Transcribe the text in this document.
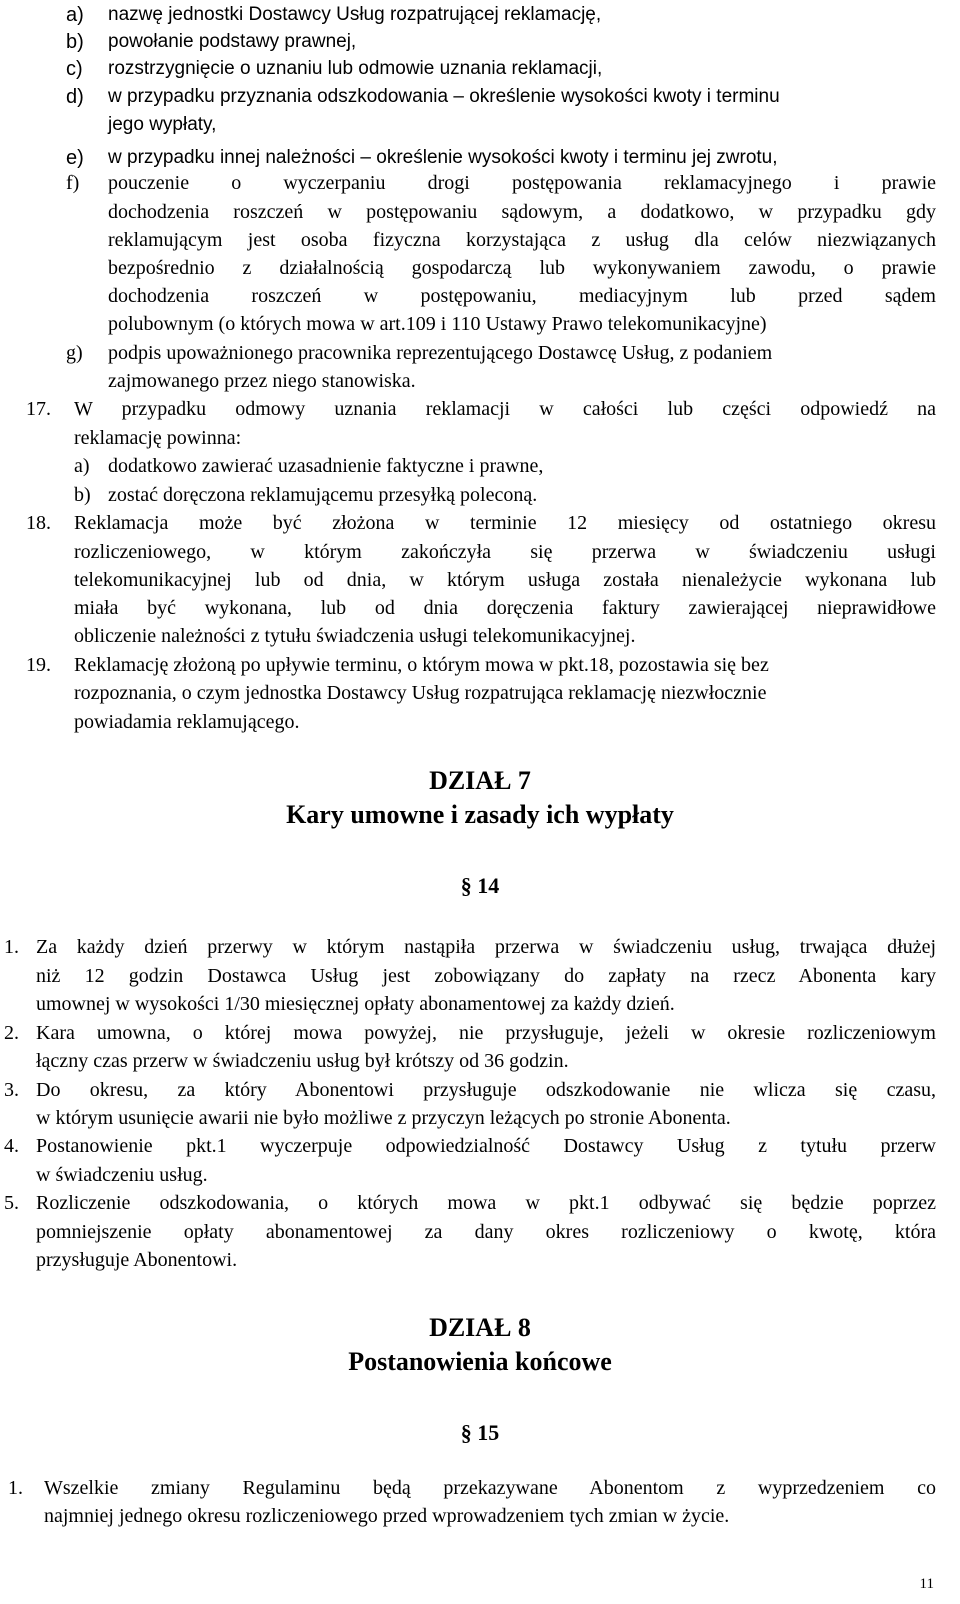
a) nazwę jednostki Dostawcy Usług rozpatrującej reklamację,
b) powołanie podstawy prawnej,
c) rozstrzygnięcie o uznaniu lub odmowie uznania reklamacji,
d) w przypadku przyznania odszkodowania – określenie wysokości kwoty i terminu
jego wypłaty,
e) w przypadku innej należności – określenie wysokości kwoty i terminu jej zwrotu,
f) pouczenie o wyczerpaniu drogi postępowania reklamacyjnego i prawie
dochodzenia roszczeń w postępowaniu sądowym, a dodatkowo, w przypadku gdy
reklamującym jest osoba fizyczna korzystająca z usług dla celów niezwiązanych
bezpośrednio z działalnością gospodarczą lub wykonywaniem zawodu, o prawie
dochodzenia roszczeń w postępowaniu, mediacyjnym lub przed sądem
polubownym (o których mowa w art.109 i 110 Ustawy Prawo telekomunikacyjne)
g) podpis upoważnionego pracownika reprezentującego Dostawcę Usług, z podaniem
zajmowanego przez niego stanowiska.
17. W przypadku odmowy uznania reklamacji w całości lub części odpowiedź na
reklamację powinna:
a) dodatkowo zawierać uzasadnienie faktyczne i prawne,
b) zostać doręczona reklamującemu przesyłką poleconą.
18. Reklamacja może być złożona w terminie 12 miesięcy od ostatniego okresu
rozliczeniowego, w którym zakończyła się przerwa w świadczeniu usługi
telekomunikacyjnej lub od dnia, w którym usługa została nienależycie wykonana lub
miała być wykonana, lub od dnia doręczenia faktury zawierającej nieprawidłowe
obliczenie należności z tytułu świadczenia usługi telekomunikacyjnej.
19. Reklamację złożoną po upływie terminu, o którym mowa w pkt.18, pozostawia się bez
rozpoznania, o czym jednostka Dostawcy Usług rozpatrująca reklamację niezwłocznie
powiadamia reklamującego.
DZIAŁ 7
Kary umowne i zasady ich wypłaty
§ 14
1. Za każdy dzień przerwy w którym nastąpiła przerwa w świadczeniu usług, trwająca dłużej
niż 12 godzin Dostawca Usług jest zobowiązany do zapłaty na rzecz Abonenta kary
umownej w wysokości 1/30 miesięcznej opłaty abonamentowej za każdy dzień.
2. Kara umowna, o której mowa powyżej, nie przysługuje, jeżeli w okresie rozliczeniowym
łączny czas przerw w świadczeniu usług był krótszy od 36 godzin.
3. Do okresu, za który Abonentowi przysługuje odszkodowanie nie wlicza się czasu,
w którym usunięcie awarii nie było możliwe z przyczyn leżących po stronie Abonenta.
4. Postanowienie pkt.1 wyczerpuje odpowiedzialność Dostawcy Usług z tytułu przerw
w świadczeniu usług.
5. Rozliczenie odszkodowania, o których mowa w pkt.1 odbywać się będzie poprzez
pomniejszenie opłaty abonamentowej za dany okres rozliczeniowy o kwotę, która
przysługuje Abonentowi.
DZIAŁ 8
Postanowienia końcowe
§ 15
1. Wszelkie zmiany Regulaminu będą przekazywane Abonentom z wyprzedzeniem co
najmniej jednego okresu rozliczeniowego przed wprowadzeniem tych zmian w życie.
11
